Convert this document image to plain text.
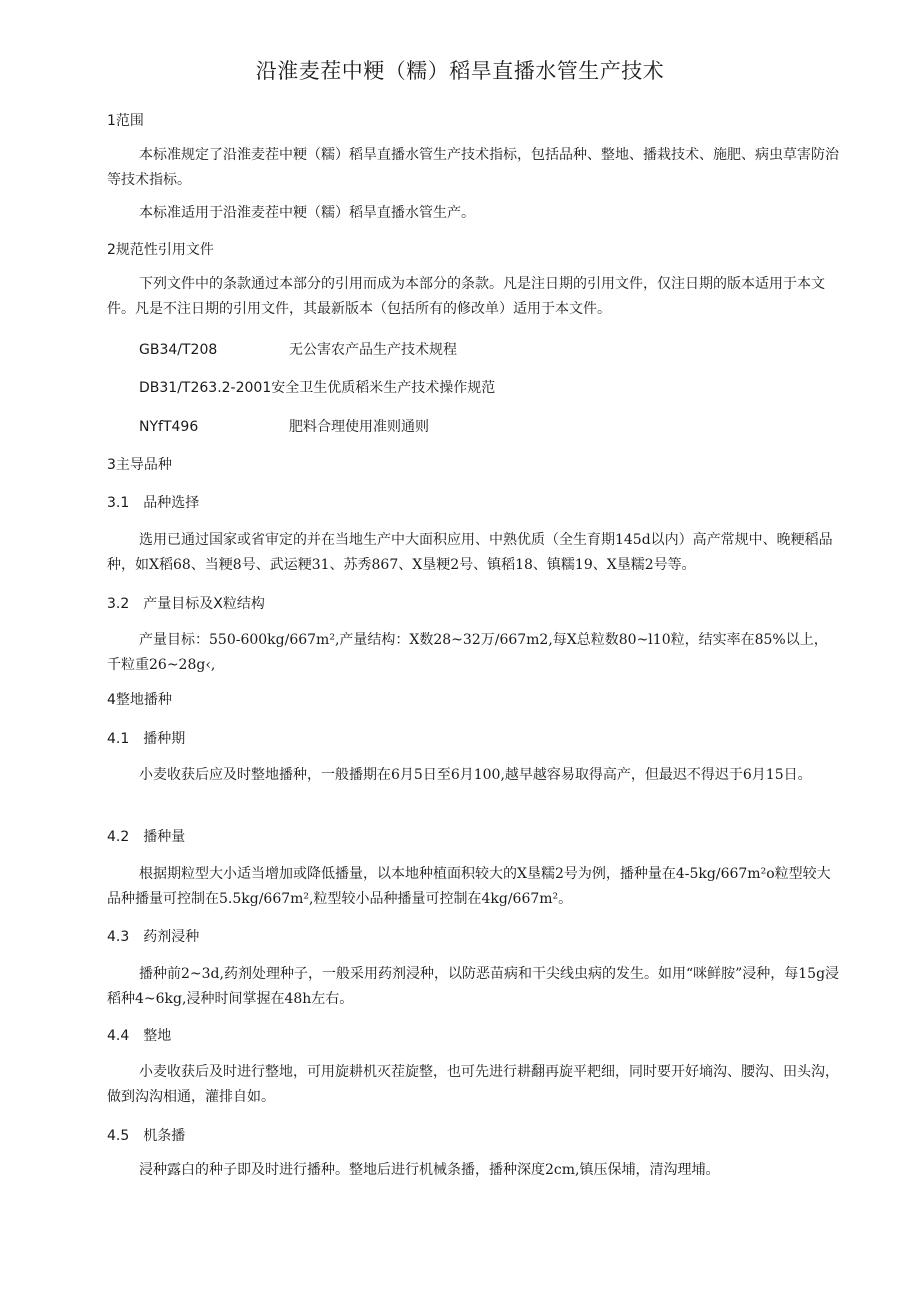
沿淮麦茬中粳（糯）稻旱直播水管生产技术
1范围
本标准规定了沿淮麦茬中粳（糯）稻旱直播水管生产技术指标，包括品种、整地、播栽技术、施肥、病虫草害防治等技术指标。
本标准适用于沿淮麦茬中粳（糯）稻旱直播水管生产。
2规范性引用文件
下列文件中的条款通过本部分的引用而成为本部分的条款。凡是注日期的引用文件，仅注日期的版本适用于本文件。凡是不注日期的引用文件，其最新版本（包括所有的修改单）适用于本文件。
GB34/T208	无公害农产品生产技术规程
DB31/T263.2-2001安全卫生优质稻米生产技术操作规范
NYfT496	肥料合理使用准则通则
3主导品种
3.1 品种选择
选用已通过国家或省审定的并在当地生产中大面积应用、中熟优质（全生育期145d以内）高产常规中、晚粳稻品种，如X稻68、当粳8号、武运粳31、苏秀867、X垦粳2号、镇稻18、镇糯19、X垦糯2号等。
3.2 产量目标及X粒结构
产量目标：550-600kg∕667m²,产量结构：X数28~32万∕667m2,每X总粒数80~l10粒，结实率在85%以上，千粒重26~28g‹,
4整地播种
4.1 播种期
小麦收获后应及时整地播种，一般播期在6月5日至6月100,越早越容易取得高产，但最迟不得迟于6月15日。
4.2 播种量
根据期粒型大小适当增加或降低播量，以本地种植面积较大的X垦糯2号为例，播种量在4-5kg∕667m²o粒型较大品种播量可控制在5.5kg∕667m²,粒型较小品种播量可控制在4kg∕667m²。
4.3 药剂浸种
播种前2~3d,药剂处理种子，一般采用药剂浸种，以防恶苗病和干尖线虫病的发生。如用“咪鲜胺”浸种，每15g浸稻种4~6kg,浸种时间掌握在48h左右。
4.4 整地
小麦收获后及时进行整地，可用旋耕机灭茬旋整，也可先进行耕翻再旋平耙细，同时要开好墒沟、腰沟、田头沟，做到沟沟相通，灌排自如。
4.5 机条播
浸种露白的种子即及时进行播种。整地后进行机械条播，播种深度2cm,镇压保埔，清沟理埔。
